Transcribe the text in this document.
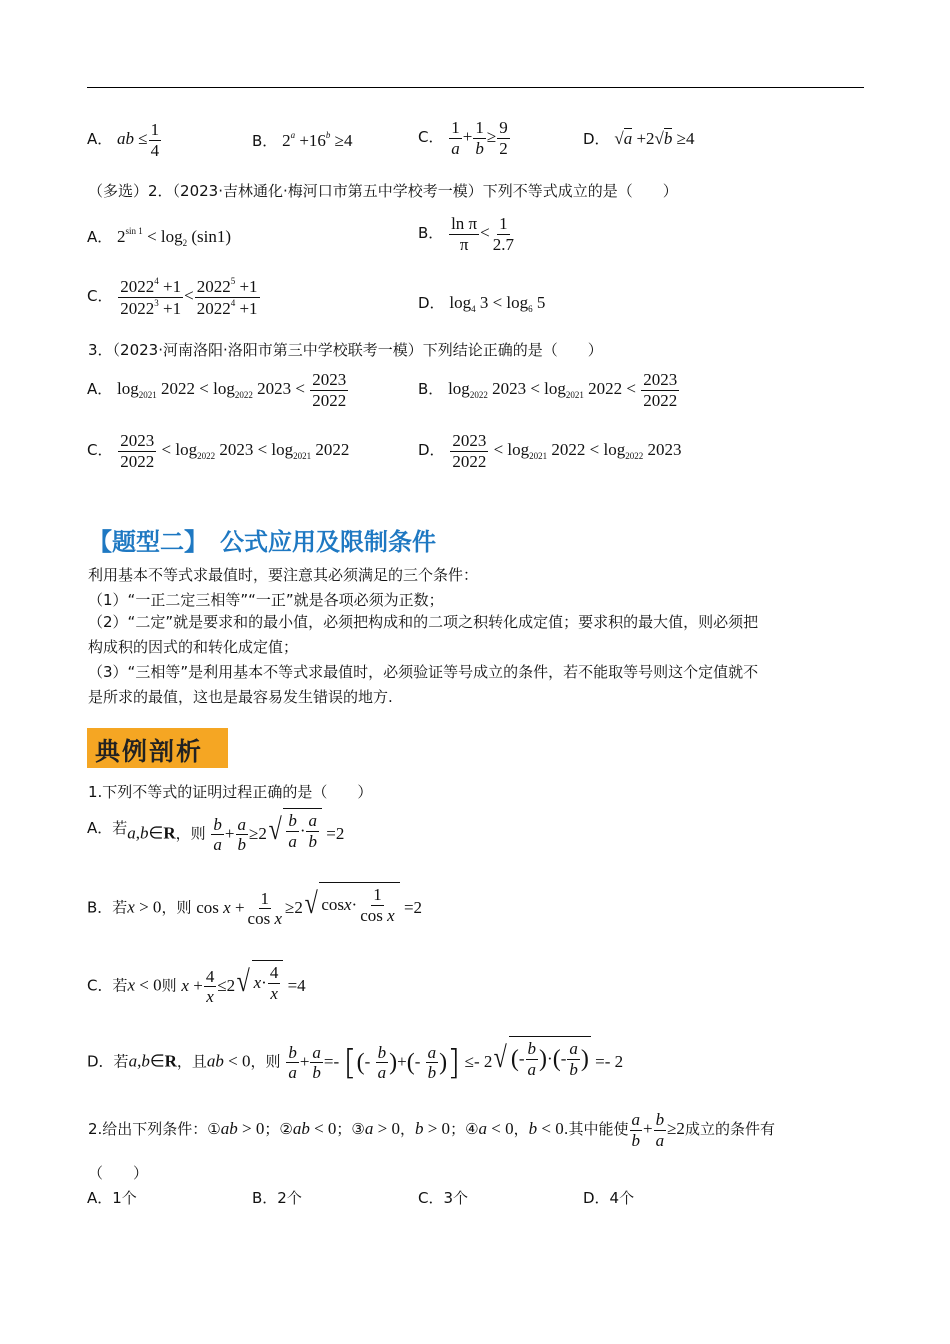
A． ab ≤ $\frac{1}{4}$	B． $2^a +16^b \ge 4$	C． $\frac{1}{a} + \frac{1}{b} \ge \frac{9}{2}$	D． √a +2√b ≥4
（多选）2．（2023·吉林通化·梅河口市第五中学校考一模）下列不等式成立的是（　　）
A． $2^{sin 1} < \log_2 (\sin 1)$	B． $\frac{\text{ln π}}{\pi} < \frac{1}{2.7}$
C． $\frac{2022^4 +1}{2022^3 +1} < \frac{2022^5 +1}{2022^4 +1}$	D． $\log_4 3 < \log_6 5$
3．（2023·河南洛阳·洛阳市第三中学校联考一模）下列结论正确的是（　　）
A． $\log_{2021} 2022 < \log_{2022} 2023 < \frac{2023}{2022}$	B． $\log_{2022} 2023 < \log_{2021} 2022 < \frac{2023}{2022}$
C． $\frac{2023}{2022} < \log_{2022} 2023 < \log_{2021} 2022$	D． $\frac{2023}{2022} < \log_{2021} 2022 < \log_{2022} 2023$
【题型二】　公式应用及限制条件
利用基本不等式求最值时，要注意其必须满足的三个条件：
（1）“一正二定三相等”“一正”就是各项必须为正数；
（2）“二定”就是要求和的最小值，必须把构成和的二项之积转化成定值；要求积的最大值，则必须把
构成积的因式的和转化成定值；
（3）“三相等”是利用基本不等式求最值时，必须验证等号成立的条件，若不能取等号则这个定值就不
是所求的最值，这也是最容易发生错误的地方.
典例剖析
1.下列不等式的证明过程正确的是（　　）
A．若a,b∈R，则 $\frac{b}{a} + \frac{a}{b} \ge 2$ √ $\frac{b}{a} \cdot \frac{a}{b} =2$
B．若x > 0，则 $\cos x + \frac{1}{\text{cos x}} \ge 2$ √ $\cos x \cdot \frac{1}{\text{cos x}} =2$
C．若x < 0则 $x + \frac{4}{x} \le 2$ √ $x \cdot \frac{4}{x} =4$
D．若a,b∈R，且ab < 0，则 $\frac{b}{a} + \frac{a}{b}$ =- [(- $\frac{b}{a}$ )+(- $\frac{a}{b}$ )] ≤- 2 √ ( - $\frac{b}{a}$ ) · ( - $\frac{a}{b}$ ) =- 2
2.给出下列条件：①ab > 0；②ab < 0；③a > 0，b > 0；④a < 0，b < 0.其中能使 $\frac{a}{b} + \frac{b}{a} \ge 2$成立的条件有
（　　）
A．1个	B．2个	C．3个	D．4个
